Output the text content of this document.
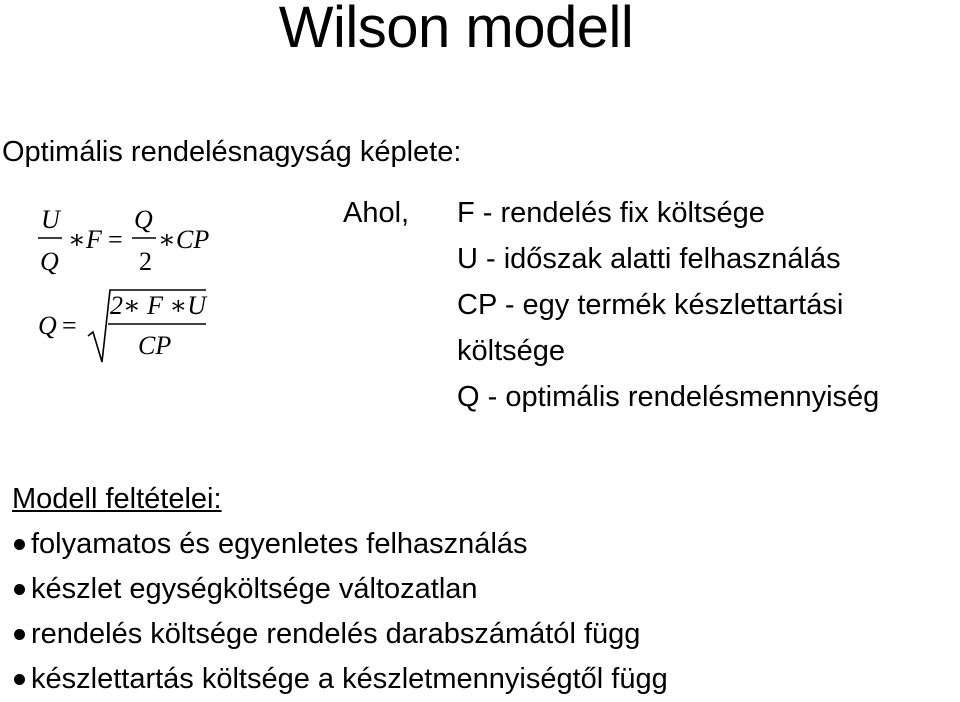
Wilson modell
Optimális rendelésnagyság képlete:
U
Q
Q
F	CP
∗ =
2
∗
Q =
2∗ F ∗U
CP
Ahol,	F - rendelés fix költsége
U - időszak alatti felhasználás
CP - egy termék készlettartási
költsége
Q - optimális rendelésmennyiség
Modell feltételei:
folyamatos és egyenletes felhasználás
készlet egységköltsége változatlan
rendelés költsége rendelés darabszámától függ
készlettartás költsége a készletmennyiségtől függ
